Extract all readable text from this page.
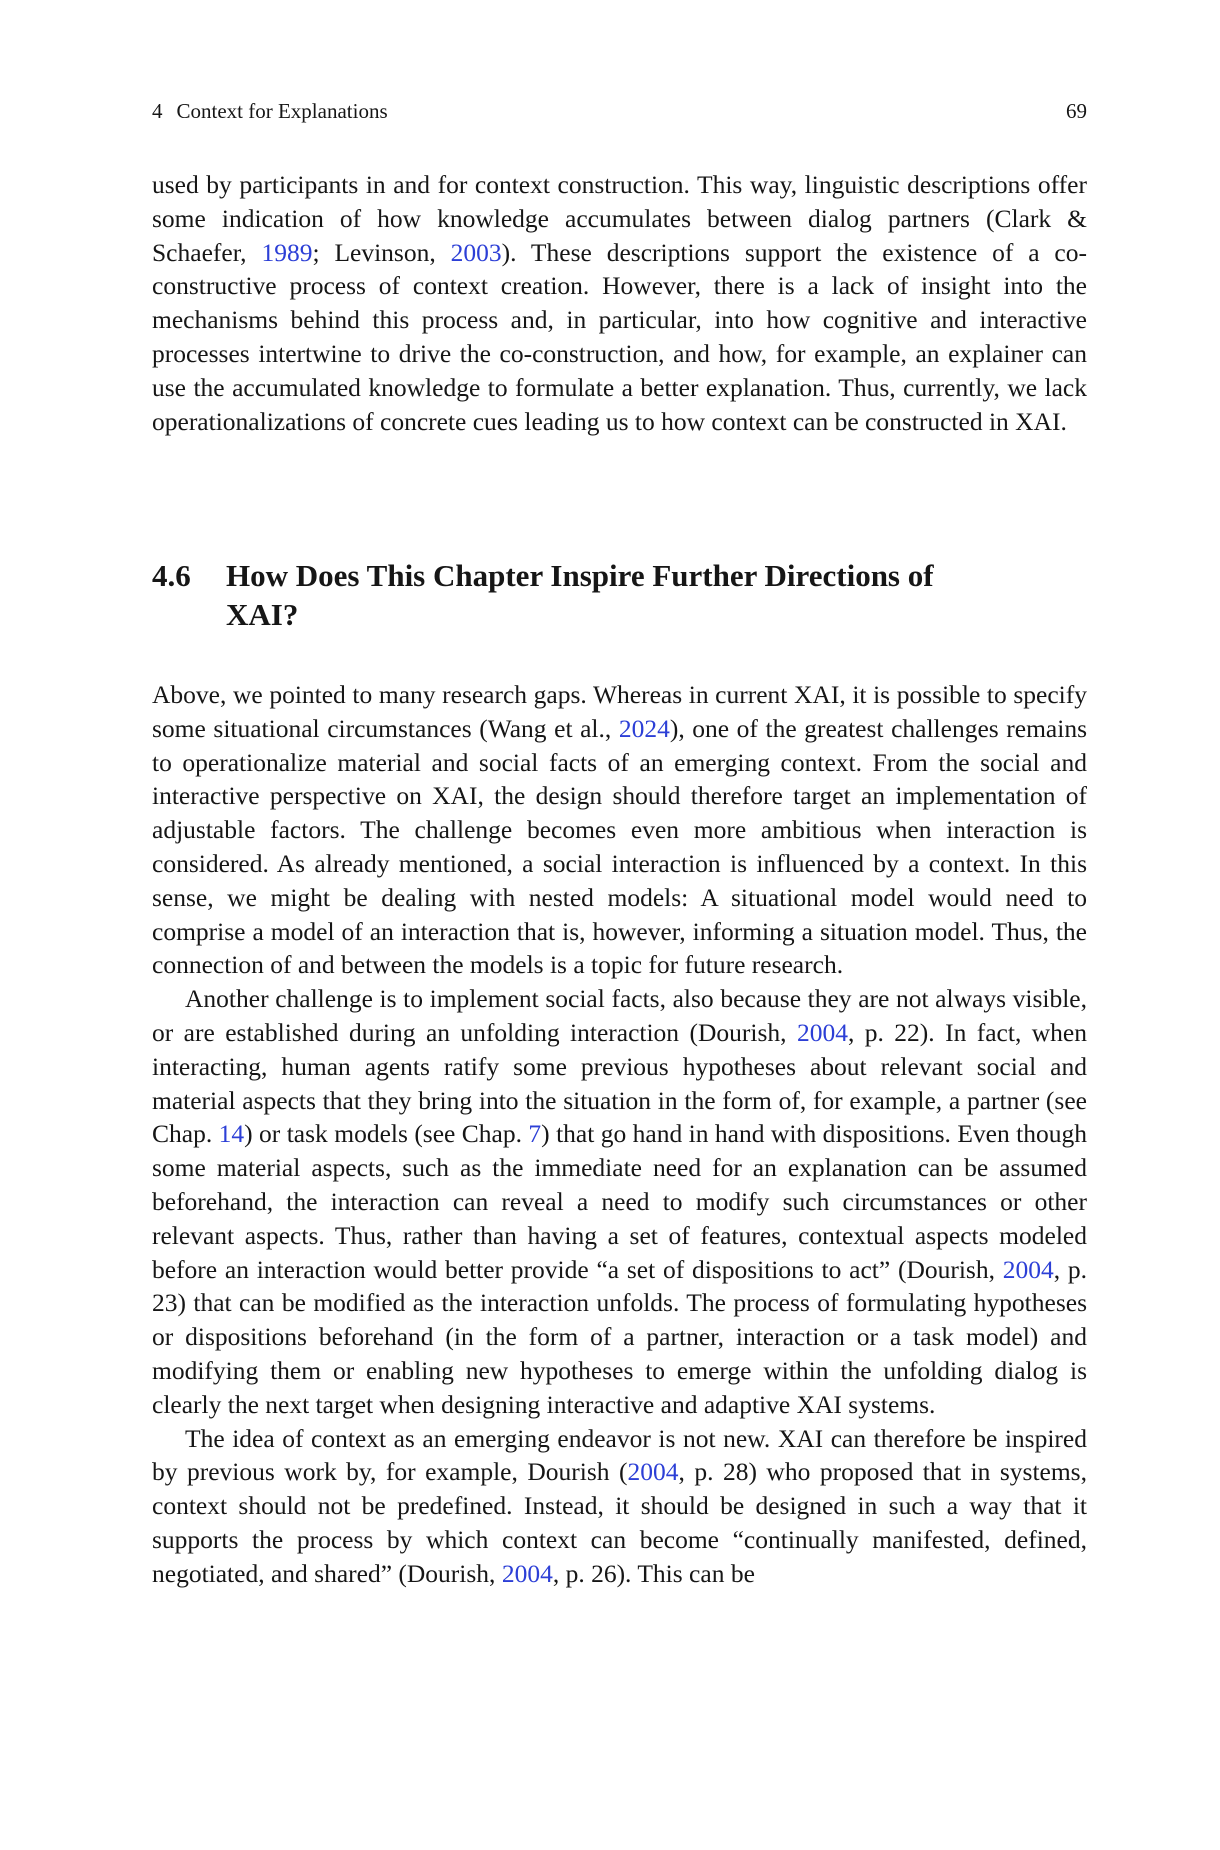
4 Context for Explanations	69

used by participants in and for context construction. This way, linguistic descriptions offer some indication of how knowledge accumulates between dialog partners (Clark & Schaefer, 1989; Levinson, 2003). These descriptions support the existence of a co-constructive process of context creation. However, there is a lack of insight into the mechanisms behind this process and, in particular, into how cognitive and interactive processes intertwine to drive the co-construction, and how, for example, an explainer can use the accumulated knowledge to formulate a better explanation. Thus, currently, we lack operationalizations of concrete cues leading us to how context can be constructed in XAI.

4.6	How Does This Chapter Inspire Further Directions of XAI?

Above, we pointed to many research gaps. Whereas in current XAI, it is possible to specify some situational circumstances (Wang et al., 2024), one of the greatest challenges remains to operationalize material and social facts of an emerging context. From the social and interactive perspective on XAI, the design should therefore target an implementation of adjustable factors. The challenge becomes even more ambitious when interaction is considered. As already mentioned, a social interaction is influenced by a context. In this sense, we might be dealing with nested models: A situational model would need to comprise a model of an interaction that is, however, informing a situation model. Thus, the connection of and between the models is a topic for future research.

Another challenge is to implement social facts, also because they are not always visible, or are established during an unfolding interaction (Dourish, 2004, p. 22). In fact, when interacting, human agents ratify some previous hypotheses about relevant social and material aspects that they bring into the situation in the form of, for example, a partner (see Chap. 14) or task models (see Chap. 7) that go hand in hand with dispositions. Even though some material aspects, such as the immediate need for an explanation can be assumed beforehand, the interaction can reveal a need to modify such circumstances or other relevant aspects. Thus, rather than having a set of features, contextual aspects modeled before an interaction would better provide “a set of dispositions to act” (Dourish, 2004, p. 23) that can be modified as the interaction unfolds. The process of formulating hypotheses or dispositions beforehand (in the form of a partner, interaction or a task model) and modifying them or enabling new hypotheses to emerge within the unfolding dialog is clearly the next target when designing interactive and adaptive XAI systems.

The idea of context as an emerging endeavor is not new. XAI can therefore be inspired by previous work by, for example, Dourish (2004, p. 28) who proposed that in systems, context should not be predefined. Instead, it should be designed in such a way that it supports the process by which context can become “continually manifested, defined, negotiated, and shared” (Dourish, 2004, p. 26). This can be
